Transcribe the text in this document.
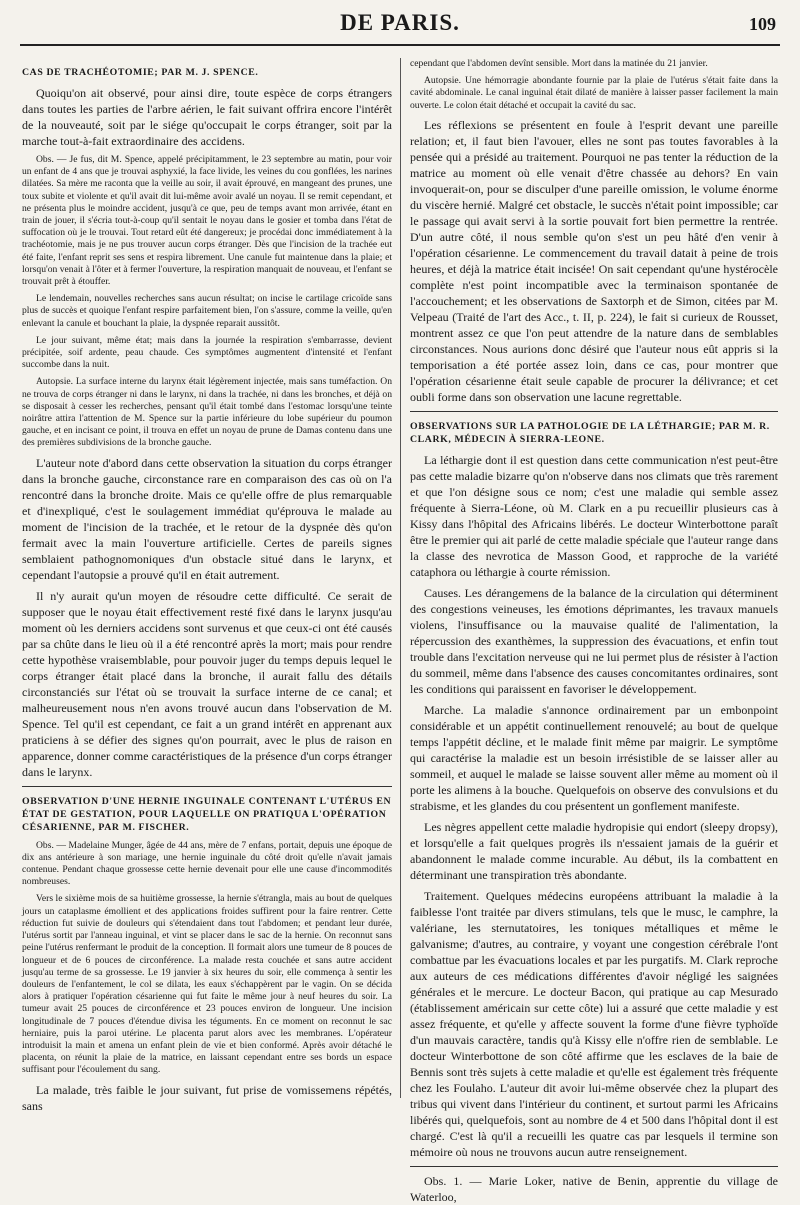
DE PARIS.	109
CAS DE TRACHÉOTOMIE; PAR M. J. SPENCE.

Quoiqu'on ait observé, pour ainsi dire, toute espèce de corps étrangers dans toutes les parties de l'arbre aérien, le fait suivant offrira encore l'intérêt de la nouveauté, soit par le siége qu'occupait le corps étranger, soit par la marche tout-à-fait extraordinaire des accidens.

Obs. — Je fus, dit M. Spence, appelé précipitamment, le 23 septembre au matin, pour voir un enfant de 4 ans que je trouvai asphyxié, la face livide, les veines du cou gonflées, les narines dilatées. Sa mère me raconta que la veille au soir, il avait éprouvé, en mangeant des prunes, une toux subite et violente et qu'il avait dit lui-même avoir avalé un noyau. Il se remit cependant, et ne présenta plus le moindre accident, jusqu'à ce que, peu de temps avant mon arrivée, étant en train de jouer, il s'écria tout-à-coup qu'il sentait le noyau dans le gosier et tomba dans l'état de suffocation où je le trouvai. Tout retard eût été dangereux; je procédai donc immédiatement à la trachéotomie, mais je ne pus trouver aucun corps étranger. Dès que l'incision de la trachée eut été faite, l'enfant reprit ses sens et respira librement. Une canule fut maintenue dans la plaie; et lorsqu'on venait à l'ôter et à fermer l'ouverture, la respiration manquait de nouveau, et l'enfant se trouvait prêt à étouffer.

Le lendemain, nouvelles recherches sans aucun résultat; on incise le cartilage cricoïde sans plus de succès et quoique l'enfant respire parfaitement bien, l'on s'assure, comme la veille, qu'en enlevant la canule et bouchant la plaie, la dyspnée reparait aussitôt.

Le jour suivant, même état; mais dans la journée la respiration s'embarrasse, devient précipitée, soif ardente, peau chaude. Ces symptômes augmentent d'intensité et l'enfant succombe dans la nuit.

Autopsie. La surface interne du larynx était légèrement injectée, mais sans tuméfaction. On ne trouva de corps étranger ni dans le larynx, ni dans la trachée, ni dans les bronches, et déjà on se disposait à cesser les recherches, pensant qu'il était tombé dans l'estomac lorsqu'une teinte noirâtre attira l'attention de M. Spence sur la partie inférieure du lobe supérieur du poumon gauche, et en incisant ce point, il trouva en effet un noyau de prune de Damas contenu dans une des premières subdivisions de la bronche gauche.

L'auteur note d'abord dans cette observation la situation du corps étranger dans la bronche gauche, circonstance rare en comparaison des cas où on l'a rencontré dans la bronche droite. Mais ce qu'elle offre de plus remarquable et d'inexpliqué, c'est le soulagement immédiat qu'éprouva le malade au moment de l'incision de la trachée, et le retour de la dyspnée dès qu'on fermait avec la main l'ouverture artificielle. Certes de pareils signes semblaient pathognomoniques d'un obstacle situé dans le larynx, et cependant l'autopsie a prouvé qu'il en était autrement.

Il n'y aurait qu'un moyen de résoudre cette difficulté. Ce serait de supposer que le noyau était effectivement resté fixé dans le larynx jusqu'au moment où les derniers accidens sont survenus et que ceux-ci ont été causés par sa chûte dans le lieu où il a été rencontré après la mort; mais pour rendre cette hypothèse vraisemblable, pour pouvoir juger du temps depuis lequel le corps étranger était placé dans la bronche, il aurait fallu des détails circonstanciés sur l'état où se trouvait la surface interne de ce canal; et malheureusement nous n'en avons trouvé aucun dans l'observation de M. Spence. Tel qu'il est cependant, ce fait a un grand intérêt en apprenant aux praticiens à se défier des signes qu'on pourrait, avec le plus de raison en apparence, donner comme caractéristiques de la présence d'un corps étranger dans le larynx.

OBSERVATION D'UNE HERNIE INGUINALE CONTENANT L'UTÉRUS EN ÉTAT DE GESTATION, POUR LAQUELLE ON PRATIQUA L'OPÉRATION CÉSARIENNE, PAR M. FISCHER.

Obs. — Madelaine Munger, âgée de 44 ans, mère de 7 enfans, portait, depuis une époque de dix ans antérieure à son mariage, une hernie inguinale du côté droit qu'elle n'avait jamais contenue. Pendant chaque grossesse cette hernie devenait pour elle une cause d'incommodités nombreuses.

Vers le sixième mois de sa huitième grossesse, la hernie s'étrangla, mais au bout de quelques jours un cataplasme émollient et des applications froides suffirent pour la faire rentrer. Cette réduction fut suivie de douleurs qui s'étendaient dans tout l'abdomen; et pendant leur durée, l'utérus sortit par l'anneau inguinal, et vint se placer dans le sac de la hernie. On reconnut sans peine l'utérus renfermant le produit de la conception. Il formait alors une tumeur de 8 pouces de longueur et de 6 pouces de circonférence. La malade resta couchée et sans autre accident jusqu'au terme de sa grossesse. Le 19 janvier à six heures du soir, elle commença à sentir les douleurs de l'enfantement, le col se dilata, les eaux s'échappèrent par le vagin. On se décida alors à pratiquer l'opération césarienne qui fut faite le même jour à neuf heures du soir. La tumeur avait 25 pouces de circonférence et 23 pouces environ de longueur. Une incision longitudinale de 7 pouces d'étendue divisa les téguments. En ce moment on reconnut le sac herniaire, puis la paroi utérine. Le placenta parut alors avec les membranes. L'opérateur introduisit la main et amena un enfant plein de vie et bien conformé. Après avoir détaché le placenta, on réunit la plaie de la matrice, en laissant cependant entre ses bords un espace suffisant pour l'écoulement du sang.

La malade, très faible le jour suivant, fut prise de vomissemens répétés, sans

cependant que l'abdomen devînt sensible. Mort dans la matinée du 21 janvier.

Autopsie. Une hémorragie abondante fournie par la plaie de l'utérus s'était faite dans la cavité abdominale. Le canal inguinal était dilaté de manière à laisser passer facilement la main ouverte. Le colon était détaché et occupait la cavité du sac.

Les réflexions se présentent en foule à l'esprit devant une pareille relation; et, il faut bien l'avouer, elles ne sont pas toutes favorables à la pensée qui a présidé au traitement. Pourquoi ne pas tenter la réduction de la matrice au moment où elle venait d'être chassée au dehors? En vain invoquerait-on, pour se disculper d'une pareille omission, le volume énorme du viscère hernié. Malgré cet obstacle, le succès n'était point impossible; car le passage qui avait servi à la sortie pouvait fort bien permettre la rentrée. D'un autre côté, il nous semble qu'on s'est un peu hâté d'en venir à l'opération césarienne. Le commencement du travail datait à peine de trois heures, et déjà la matrice était incisée! On sait cependant qu'une hystérocèle complète n'est point incompatible avec la terminaison spontanée de l'accouchement; et les observations de Saxtorph et de Simon, citées par M. Velpeau (Traité de l'art des Acc., t. II, p. 224), le fait si curieux de Rousset, montrent assez ce que l'on peut attendre de la nature dans de semblables circonstances. Nous aurions donc désiré que l'auteur nous eût appris si la temporisation a été portée assez loin, dans ce cas, pour montrer que l'opération césarienne était seule capable de procurer la délivrance; et cet oubli forme dans son observation une lacune regrettable.

OBSERVATIONS SUR LA PATHOLOGIE DE LA LÉTHARGIE; PAR M. R. CLARK, MÉDECIN À SIERRA-LEONE.

La léthargie dont il est question dans cette communication n'est peut-être pas cette maladie bizarre qu'on n'observe dans nos climats que très rarement et que l'on désigne sous ce nom; c'est une maladie qui semble assez fréquente à Sierra-Léone, où M. Clark en a pu recueillir plusieurs cas à Kissy dans l'hôpital des Africains libérés. Le docteur Winterbottone paraît être le premier qui ait parlé de cette maladie spéciale que l'auteur range dans la classe des nevrotica de Masson Good, et rapproche de la variété cataphora ou léthargie à courte rémission.

Causes. Les dérangemens de la balance de la circulation qui déterminent des congestions veineuses, les émotions déprimantes, les travaux manuels violens, l'insuffisance ou la mauvaise qualité de l'alimentation, la répercussion des exanthèmes, la suppression des évacuations, et enfin tout trouble dans l'excitation nerveuse qui ne lui permet plus de résister à l'action du sommeil, même dans l'absence des causes concomitantes ordinaires, sont les conditions qui paraissent en favoriser le développement.

Marche. La maladie s'annonce ordinairement par un embonpoint considérable et un appétit continuellement renouvelé; au bout de quelque temps l'appétit décline, et le malade finit même par maigrir. Le symptôme qui caractérise la maladie est un besoin irrésistible de se laisser aller au sommeil, et auquel le malade se laisse souvent aller même au moment où il porte les alimens à la bouche. Quelquefois on observe des convulsions et du strabisme, et les glandes du cou présentent un gonflement manifeste.

Les nègres appellent cette maladie hydropisie qui endort (sleepy dropsy), et lorsqu'elle a fait quelques progrès ils n'essaient jamais de la guérir et abandonnent le malade comme incurable. Au début, ils la combattent en déterminant une transpiration très abondante.

Traitement. Quelques médecins européens attribuant la maladie à la faiblesse l'ont traitée par divers stimulans, tels que le musc, le camphre, la valériane, les sternutatoires, les toniques métalliques et même le galvanisme; d'autres, au contraire, y voyant une congestion cérébrale l'ont combattue par les évacuations locales et par les purgatifs. M. Clark reproche aux auteurs de ces médications différentes d'avoir négligé les saignées générales et le mercure. Le docteur Bacon, qui pratique au cap Mesurado (établissement américain sur cette côte) lui a assuré que cette maladie y est assez fréquente, et qu'elle y affecte souvent la forme d'une fièvre typhoïde d'un mauvais caractère, tandis qu'à Kissy elle n'offre rien de semblable. Le docteur Winterbottone de son côté affirme que les esclaves de la baie de Bennis sont très sujets à cette maladie et qu'elle est également très fréquente chez les Foulaho. L'auteur dit avoir lui-même observée chez la plupart des tribus qui vivent dans l'intérieur du continent, et surtout parmi les Africains libérés qui, quelquefois, sont au nombre de 4 et 500 dans l'hôpital dont il est chargé. C'est là qu'il a recueilli les quatre cas par lesquels il termine son mémoire où nous ne trouvons aucun autre renseignement.

Obs. 1. — Marie Loker, native de Benin, apprentie du village de Waterloo,
